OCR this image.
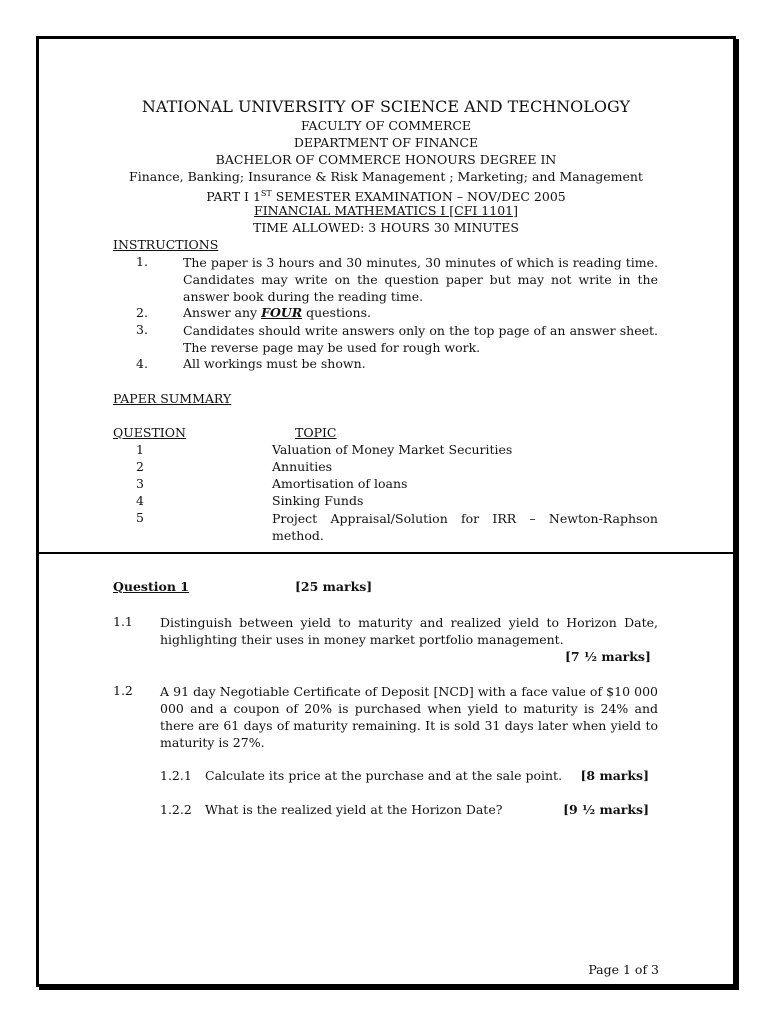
NATIONAL UNIVERSITY OF SCIENCE AND TECHNOLOGY
FACULTY OF COMMERCE
DEPARTMENT OF FINANCE
BACHELOR OF COMMERCE HONOURS DEGREE IN
Finance, Banking; Insurance & Risk Management ; Marketing; and Management
PART I 1ST SEMESTER EXAMINATION – NOV/DEC 2005
FINANCIAL MATHEMATICS I [CFI 1101]
TIME ALLOWED: 3 HOURS 30 MINUTES
INSTRUCTIONS
1.	The paper is 3 hours and 30 minutes, 30 minutes of which is reading time.
Candidates may write on the question paper but may not write in the
answer book during the reading time.
2.	Answer any FOUR questions.
3.	Candidates should write answers only on the top page of an answer sheet.
The reverse page may be used for rough work.
4.	All workings must be shown.
PAPER SUMMARY
QUESTION	TOPIC
1	Valuation of Money Market Securities
2	Annuities
3	Amortisation of loans
4	Sinking Funds
5	Project Appraisal/Solution for IRR – Newton-Raphson
method.
Question 1	[25 marks]
1.1 Distinguish between yield to maturity and realized yield to Horizon Date,
highlighting their uses in money market portfolio management.
[7 ½ marks]
1.2 A 91 day Negotiable Certificate of Deposit [NCD] with a face value of $10 000
000 and a coupon of 20% is purchased when yield to maturity is 24% and
there are 61 days of maturity remaining. It is sold 31 days later when yield to
maturity is 27%.
1.2.1 Calculate its price at the purchase and at the sale point.	[8 marks]
1.2.2 What is the realized yield at the Horizon Date?	[9 ½ marks]
Page 1 of 3
